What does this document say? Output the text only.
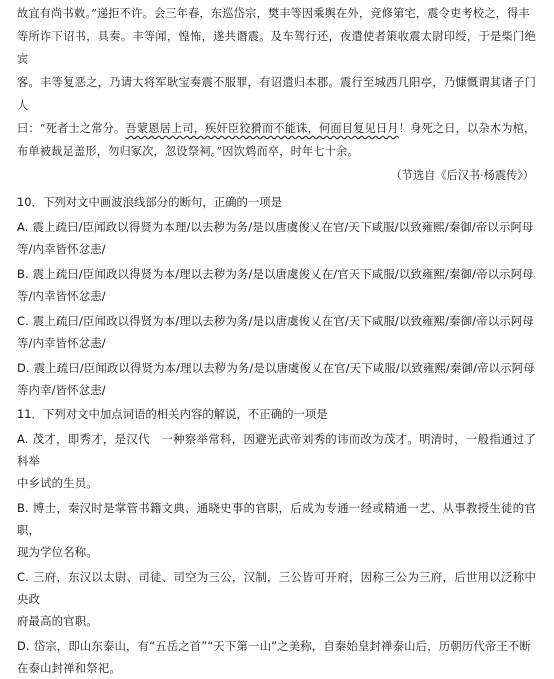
故宜有尚书敕。”递拒不许。会三年春，东巡岱宗，樊丰等因乘舆在外，竞修第宅，震令吏考校之，得丰

等所诈下诏书，具奏。丰等闻，惶怖，遂共谮震。及车驾行还，夜遣使者策收震太尉印绶，于是柴门绝宾

客。丰等复恶之，乃请大将军耿宝奏震不服罪，有诏遣归本郡。震行至城西几阳亭，乃慷慨谓其诸子门人

曰：“死者士之常分。吾蒙恩居上司，疾奸臣狡猾而不能诛，何面目复见日月！身死之日，以杂木为棺，

布单被裁足盖形，勿归冢次，忽设祭祠。”因饮鸩而卒，时年七十余。

（节选自《后汉书·杨震传》）

10．下列对文中画波浪线部分的断句，正确的一项是

A. 震上疏曰/臣闻政以得贤为本理/以去秽为务/是以唐虞俊乂在官/天下咸服/以致雍熙/秦御/帝以示阿母
等/内幸皆怀忿恚/

B. 震上疏曰/臣闻政以得贤为本/理以去秽为务/是以唐虞俊乂在/官天下咸服/以致雍熙/秦御/帝以示阿母
等/内幸皆怀忿恚/

C. 震上疏曰/臣闻政以得贤为本/理以去秽为务/是以唐虞俊乂在官/天下咸服/以致雍熙/秦御/帝以示阿母
等/内幸皆怀忿恚/

D. 震上疏曰/臣闻政以得贤为本/理以去秽为务/是以唐虞俊乂在官/天下咸服/以致雍熙/秦御/帝以示阿母
等内幸/皆怀忿恚/

11．下列对文中加点词语的相关内容的解说，不正确的一项是

A. 茂才，即秀才，是汉代　一种察举常科，因避光武帝刘秀的讳而改为茂才。明清时，一般指通过了科举
中乡试的生员。

B. 博士，秦汉时是掌管书籍文典、通晓史事的官职，后成为专通一经或精通一艺、从事教授生徒的官职，
现为学位名称。

C. 三府，东汉以太尉、司徒、司空为三公，汉制，三公皆可开府，因称三公为三府，后世用以泛称中央政
府最高的官职。

D. 岱宗，即山东泰山，有“五岳之首”“天下第一山”之美称，自秦始皇封禅泰山后，历朝历代帝王不断
在泰山封禅和祭祀。
